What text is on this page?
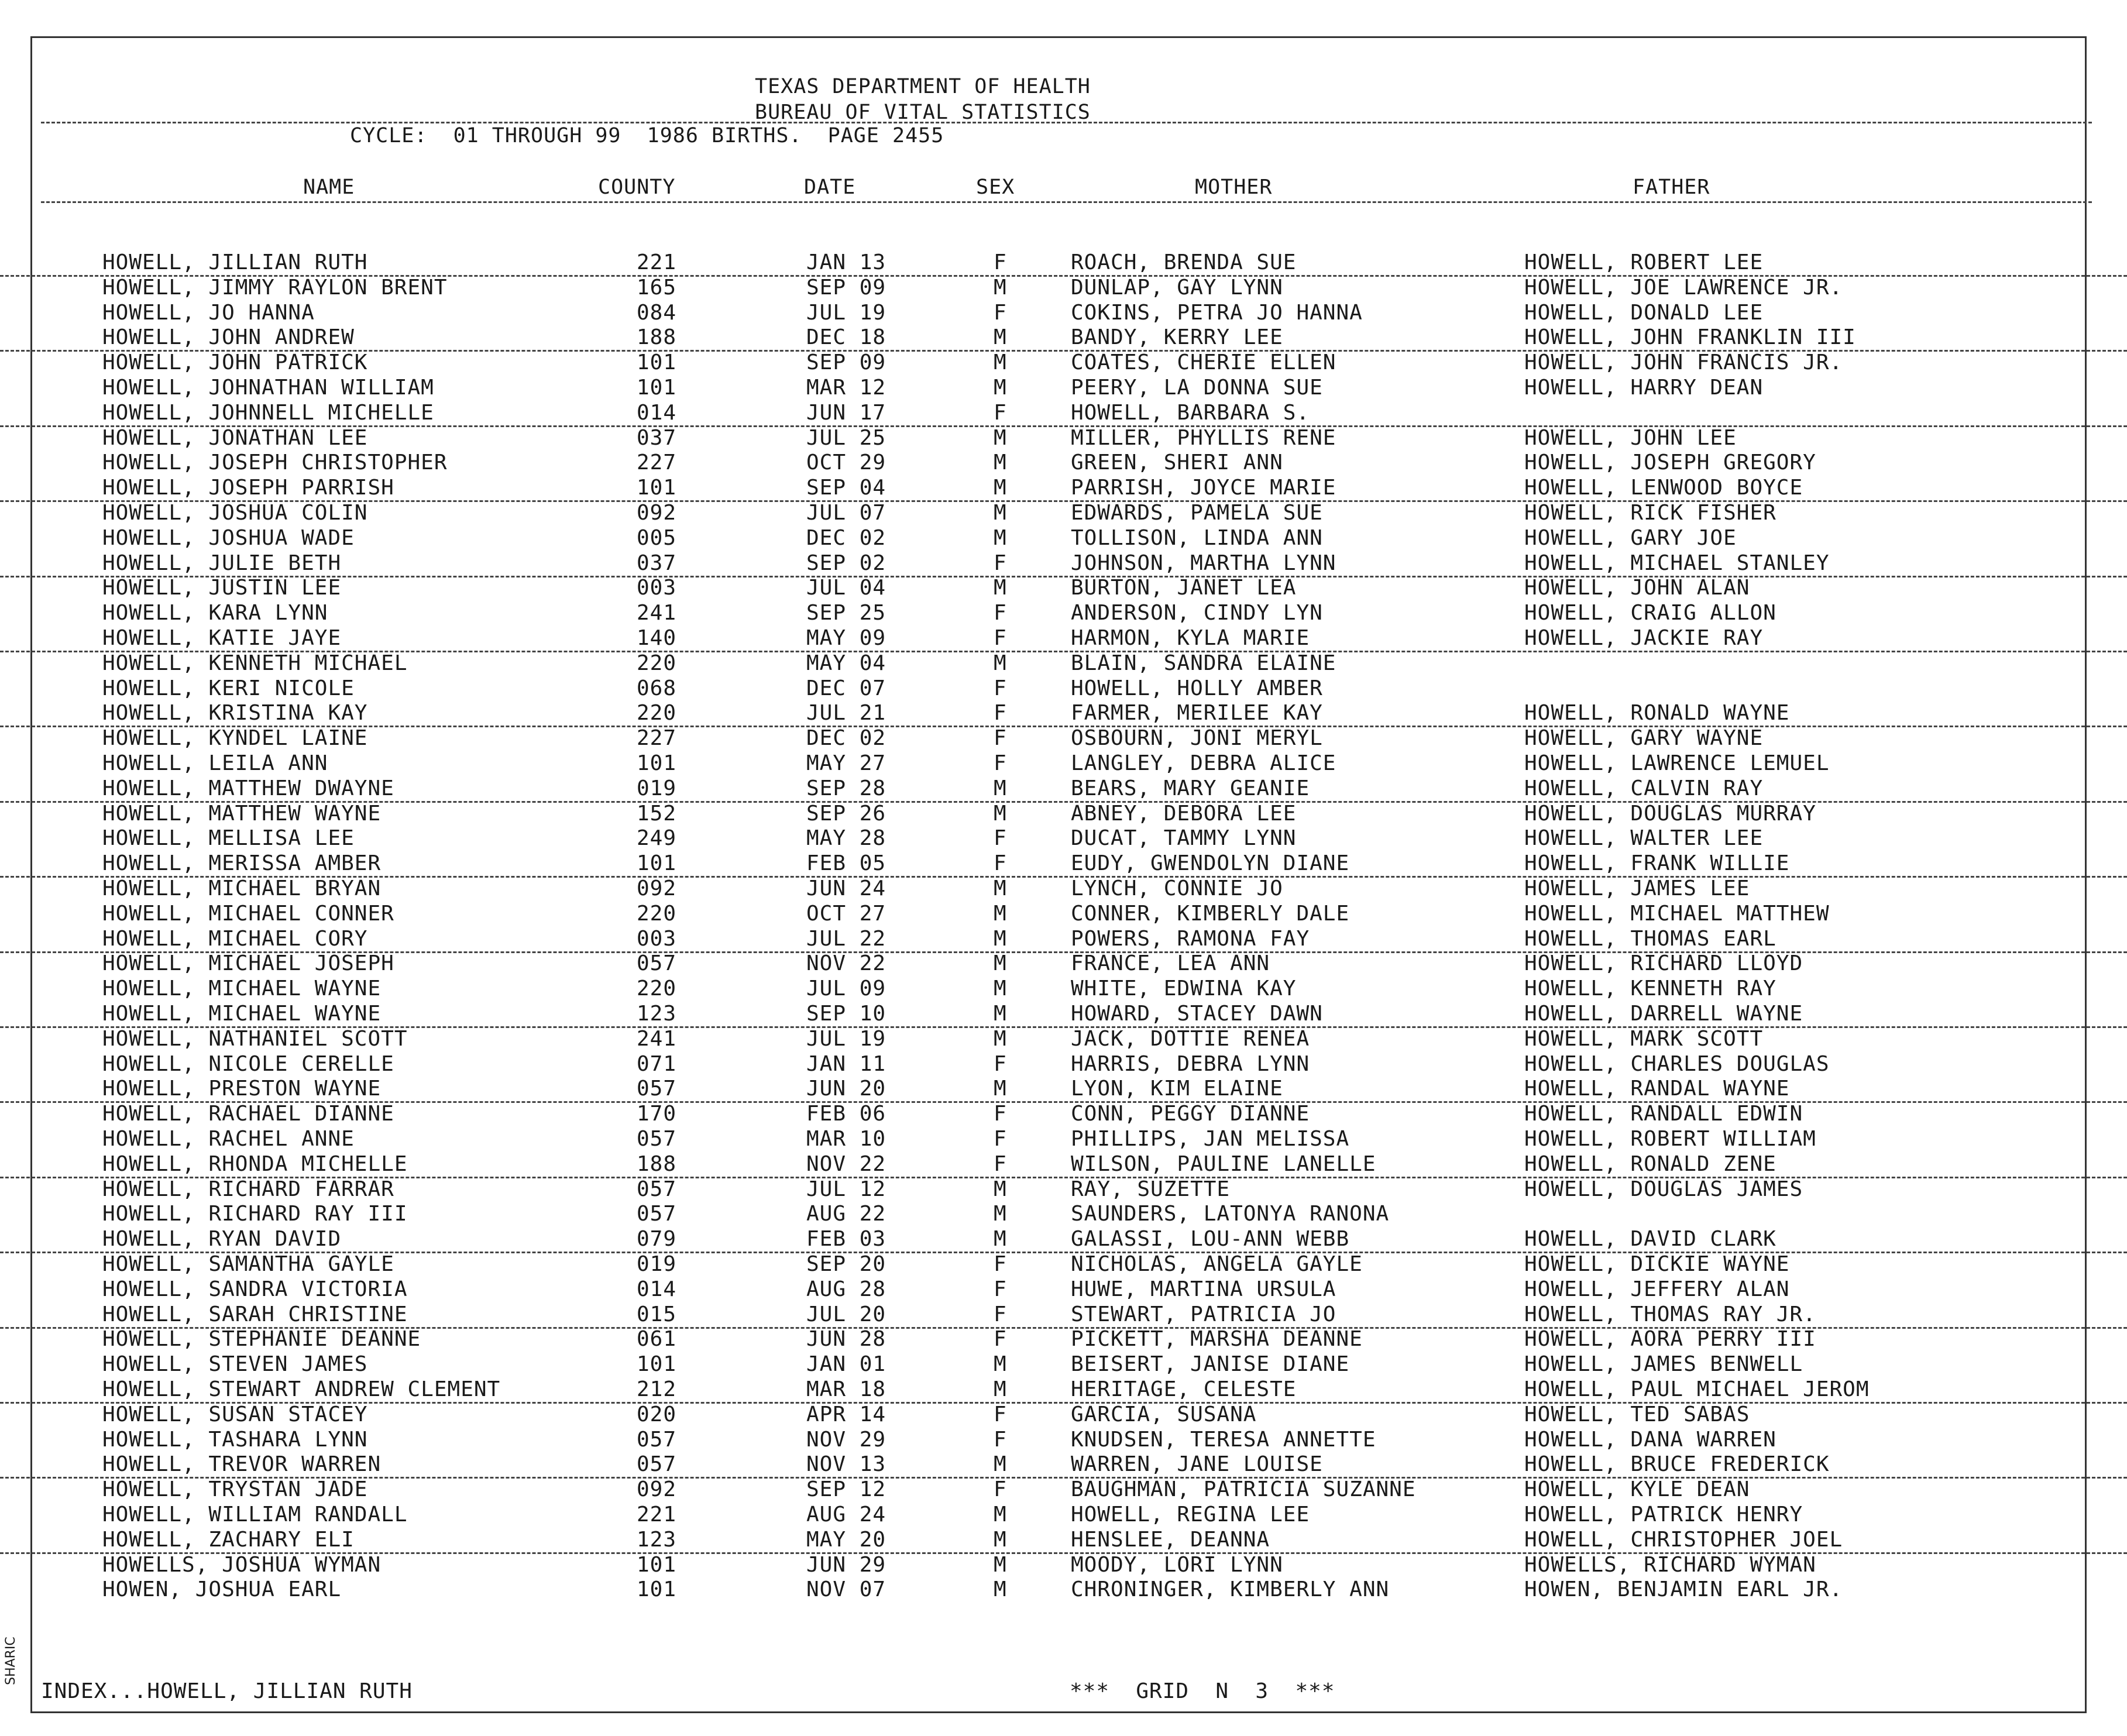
TEXAS DEPARTMENT OF HEALTH
BUREAU OF VITAL STATISTICS
CYCLE:  01 THROUGH 99  1986 BIRTHS.  PAGE 2455
NAME	COUNTY	DATE	SEX	MOTHER	FATHER
HOWELL, JILLIAN RUTH	221	JAN 13	F	ROACH, BRENDA SUE	HOWELL, ROBERT LEE
HOWELL, JIMMY RAYLON BRENT	165	SEP 09	M	DUNLAP, GAY LYNN	HOWELL, JOE LAWRENCE JR.
HOWELL, JO HANNA	084	JUL 19	F	COKINS, PETRA JO HANNA	HOWELL, DONALD LEE
HOWELL, JOHN ANDREW	188	DEC 18	M	BANDY, KERRY LEE	HOWELL, JOHN FRANKLIN III
HOWELL, JOHN PATRICK	101	SEP 09	M	COATES, CHERIE ELLEN	HOWELL, JOHN FRANCIS JR.
HOWELL, JOHNATHAN WILLIAM	101	MAR 12	M	PEERY, LA DONNA SUE	HOWELL, HARRY DEAN
HOWELL, JOHNNELL MICHELLE	014	JUN 17	F	HOWELL, BARBARA S.
HOWELL, JONATHAN LEE	037	JUL 25	M	MILLER, PHYLLIS RENE	HOWELL, JOHN LEE
HOWELL, JOSEPH CHRISTOPHER	227	OCT 29	M	GREEN, SHERI ANN	HOWELL, JOSEPH GREGORY
HOWELL, JOSEPH PARRISH	101	SEP 04	M	PARRISH, JOYCE MARIE	HOWELL, LENWOOD BOYCE
HOWELL, JOSHUA COLIN	092	JUL 07	M	EDWARDS, PAMELA SUE	HOWELL, RICK FISHER
HOWELL, JOSHUA WADE	005	DEC 02	M	TOLLISON, LINDA ANN	HOWELL, GARY JOE
HOWELL, JULIE BETH	037	SEP 02	F	JOHNSON, MARTHA LYNN	HOWELL, MICHAEL STANLEY
HOWELL, JUSTIN LEE	003	JUL 04	M	BURTON, JANET LEA	HOWELL, JOHN ALAN
HOWELL, KARA LYNN	241	SEP 25	F	ANDERSON, CINDY LYN	HOWELL, CRAIG ALLON
HOWELL, KATIE JAYE	140	MAY 09	F	HARMON, KYLA MARIE	HOWELL, JACKIE RAY
HOWELL, KENNETH MICHAEL	220	MAY 04	M	BLAIN, SANDRA ELAINE
HOWELL, KERI NICOLE	068	DEC 07	F	HOWELL, HOLLY AMBER
HOWELL, KRISTINA KAY	220	JUL 21	F	FARMER, MERILEE KAY	HOWELL, RONALD WAYNE
HOWELL, KYNDEL LAINE	227	DEC 02	F	OSBOURN, JONI MERYL	HOWELL, GARY WAYNE
HOWELL, LEILA ANN	101	MAY 27	F	LANGLEY, DEBRA ALICE	HOWELL, LAWRENCE LEMUEL
HOWELL, MATTHEW DWAYNE	019	SEP 28	M	BEARS, MARY GEANIE	HOWELL, CALVIN RAY
HOWELL, MATTHEW WAYNE	152	SEP 26	M	ABNEY, DEBORA LEE	HOWELL, DOUGLAS MURRAY
HOWELL, MELLISA LEE	249	MAY 28	F	DUCAT, TAMMY LYNN	HOWELL, WALTER LEE
HOWELL, MERISSA AMBER	101	FEB 05	F	EUDY, GWENDOLYN DIANE	HOWELL, FRANK WILLIE
HOWELL, MICHAEL BRYAN	092	JUN 24	M	LYNCH, CONNIE JO	HOWELL, JAMES LEE
HOWELL, MICHAEL CONNER	220	OCT 27	M	CONNER, KIMBERLY DALE	HOWELL, MICHAEL MATTHEW
HOWELL, MICHAEL CORY	003	JUL 22	M	POWERS, RAMONA FAY	HOWELL, THOMAS EARL
HOWELL, MICHAEL JOSEPH	057	NOV 22	M	FRANCE, LEA ANN	HOWELL, RICHARD LLOYD
HOWELL, MICHAEL WAYNE	220	JUL 09	M	WHITE, EDWINA KAY	HOWELL, KENNETH RAY
HOWELL, MICHAEL WAYNE	123	SEP 10	M	HOWARD, STACEY DAWN	HOWELL, DARRELL WAYNE
HOWELL, NATHANIEL SCOTT	241	JUL 19	M	JACK, DOTTIE RENEA	HOWELL, MARK SCOTT
HOWELL, NICOLE CERELLE	071	JAN 11	F	HARRIS, DEBRA LYNN	HOWELL, CHARLES DOUGLAS
HOWELL, PRESTON WAYNE	057	JUN 20	M	LYON, KIM ELAINE	HOWELL, RANDAL WAYNE
HOWELL, RACHAEL DIANNE	170	FEB 06	F	CONN, PEGGY DIANNE	HOWELL, RANDALL EDWIN
HOWELL, RACHEL ANNE	057	MAR 10	F	PHILLIPS, JAN MELISSA	HOWELL, ROBERT WILLIAM
HOWELL, RHONDA MICHELLE	188	NOV 22	F	WILSON, PAULINE LANELLE	HOWELL, RONALD ZENE
HOWELL, RICHARD FARRAR	057	JUL 12	M	RAY, SUZETTE	HOWELL, DOUGLAS JAMES
HOWELL, RICHARD RAY III	057	AUG 22	M	SAUNDERS, LATONYA RANONA
HOWELL, RYAN DAVID	079	FEB 03	M	GALASSI, LOU-ANN WEBB	HOWELL, DAVID CLARK
HOWELL, SAMANTHA GAYLE	019	SEP 20	F	NICHOLAS, ANGELA GAYLE	HOWELL, DICKIE WAYNE
HOWELL, SANDRA VICTORIA	014	AUG 28	F	HUWE, MARTINA URSULA	HOWELL, JEFFERY ALAN
HOWELL, SARAH CHRISTINE	015	JUL 20	F	STEWART, PATRICIA JO	HOWELL, THOMAS RAY JR.
HOWELL, STEPHANIE DEANNE	061	JUN 28	F	PICKETT, MARSHA DEANNE	HOWELL, AORA PERRY III
HOWELL, STEVEN JAMES	101	JAN 01	M	BEISERT, JANISE DIANE	HOWELL, JAMES BENWELL
HOWELL, STEWART ANDREW CLEMENT	212	MAR 18	M	HERITAGE, CELESTE	HOWELL, PAUL MICHAEL JEROM
HOWELL, SUSAN STACEY	020	APR 14	F	GARCIA, SUSANA	HOWELL, TED SABAS
HOWELL, TASHARA LYNN	057	NOV 29	F	KNUDSEN, TERESA ANNETTE	HOWELL, DANA WARREN
HOWELL, TREVOR WARREN	057	NOV 13	M	WARREN, JANE LOUISE	HOWELL, BRUCE FREDERICK
HOWELL, TRYSTAN JADE	092	SEP 12	F	BAUGHMAN, PATRICIA SUZANNE	HOWELL, KYLE DEAN
HOWELL, WILLIAM RANDALL	221	AUG 24	M	HOWELL, REGINA LEE	HOWELL, PATRICK HENRY
HOWELL, ZACHARY ELI	123	MAY 20	M	HENSLEE, DEANNA	HOWELL, CHRISTOPHER JOEL
HOWELLS, JOSHUA WYMAN	101	JUN 29	M	MOODY, LORI LYNN	HOWELLS, RICHARD WYMAN
HOWEN, JOSHUA EARL	101	NOV 07	M	CHRONINGER, KIMBERLY ANN	HOWEN, BENJAMIN EARL JR.
INDEX...HOWELL, JILLIAN RUTH	***  GRID  N  3  ***
SHARIC
